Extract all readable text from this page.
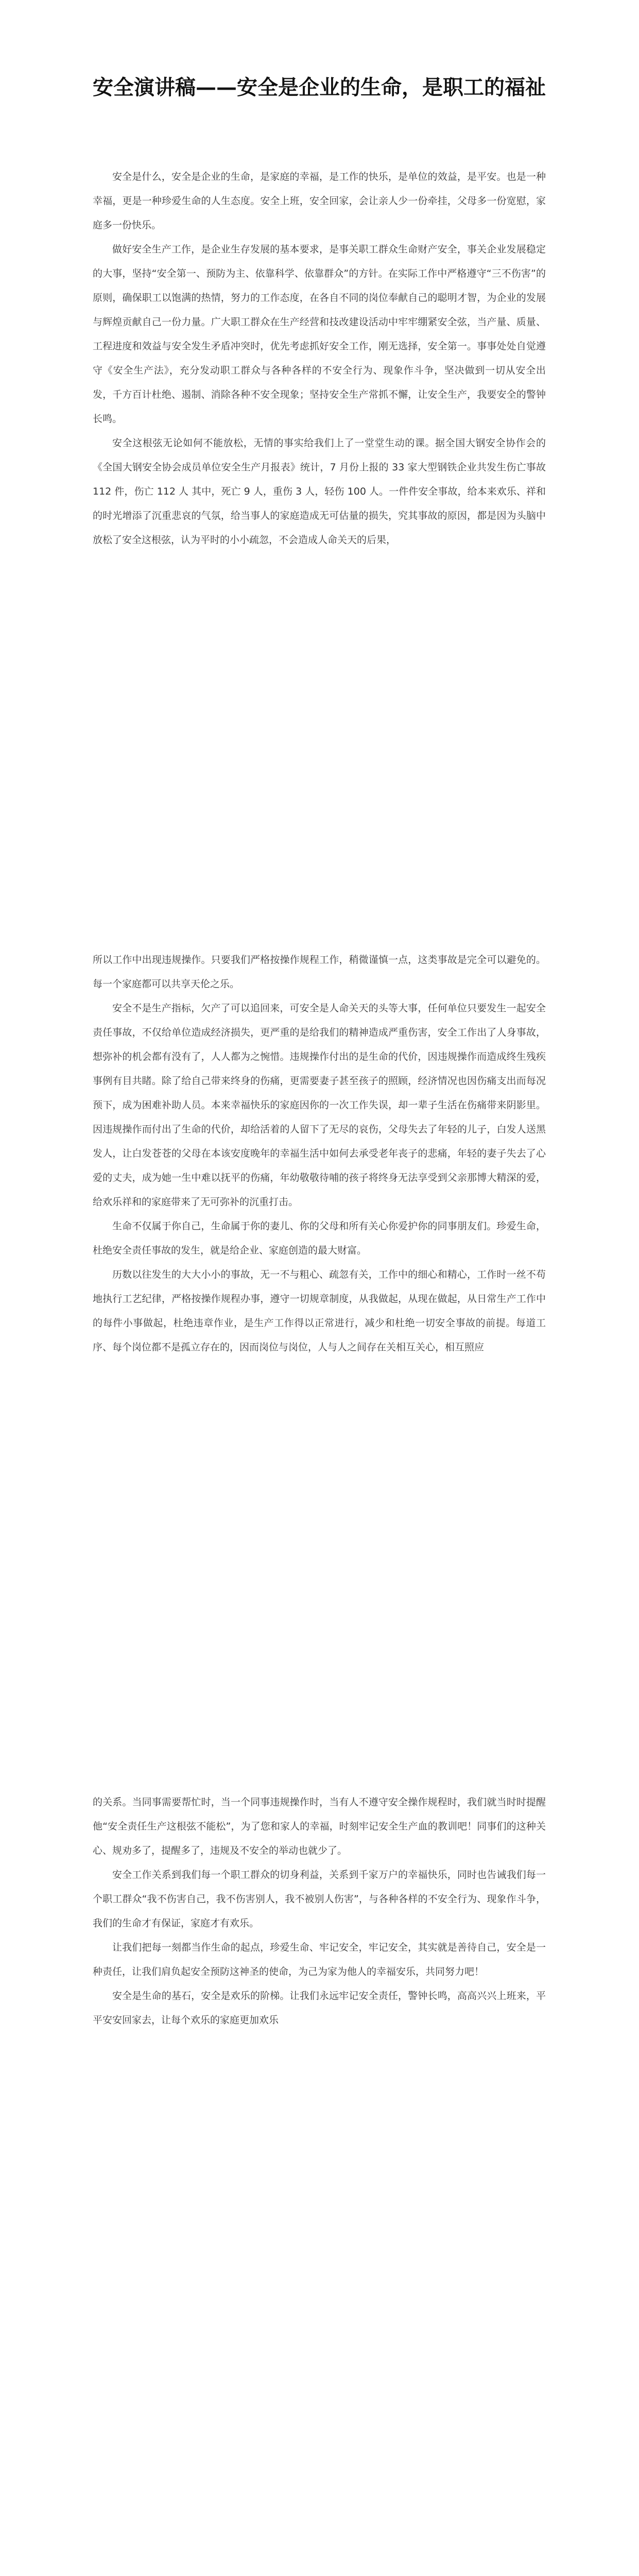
安全演讲稿——安全是企业的生命，是职工的福祉

安全是什么，安全是企业的生命，是家庭的幸福，是工作的快乐，是单位的效益，是平安。也是一种幸福，更是一种珍爱生命的人生态度。安全上班，安全回家，会让亲人少一份牵挂，父母多一份宽慰，家庭多一份快乐。

做好安全生产工作，是企业生存发展的基本要求，是事关职工群众生命财产安全，事关企业发展稳定的大事，坚持“安全第一、预防为主、依靠科学、依靠群众”的方针。在实际工作中严格遵守“三不伤害”的原则，确保职工以饱满的热情，努力的工作态度，在各自不同的岗位奉献自己的聪明才智，为企业的发展与辉煌贡献自己一份力量。广大职工群众在生产经营和技改建设活动中牢牢绷紧安全弦，当产量、质量、工程进度和效益与安全发生矛盾冲突时，优先考虑抓好安全工作，刚无选择，安全第一。事事处处自觉遵守《安全生产法》，充分发动职工群众与各种各样的不安全行为、现象作斗争，坚决做到一切从安全出发，千方百计杜绝、遏制、消除各种不安全现象；坚持安全生产常抓不懈，让安全生产，我要安全的警钟长鸣。

安全这根弦无论如何不能放松，无情的事实给我们上了一堂堂生动的课。据全国大钢安全协作会的《全国大钢安全协会成员单位安全生产月报表》统计，7 月份上报的 33 家大型钢铁企业共发生伤亡事故 112 件，伤亡 112 人 其中，死亡 9 人，重伤 3 人，轻伤 100 人。一件件安全事故，给本来欢乐、祥和的时光增添了沉重悲哀的气氛，给当事人的家庭造成无可估量的损失，究其事故的原因，都是因为头脑中放松了安全这根弦，认为平时的小小疏忽，不会造成人命关天的后果，

所以工作中出现违规操作。只要我们严格按操作规程工作，稍微谨慎一点，这类事故是完全可以避免的。每一个家庭都可以共享天伦之乐。

安全不是生产指标，欠产了可以追回来，可安全是人命关天的头等大事，任何单位只要发生一起安全责任事故，不仅给单位造成经济损失，更严重的是给我们的精神造成严重伤害，安全工作出了人身事故，想弥补的机会都有没有了，人人都为之惋惜。违规操作付出的是生命的代价，因违规操作而造成终生残疾事例有目共睹。除了给自己带来终身的伤痛，更需要妻子甚至孩子的照顾，经济情况也因伤痛支出而每况预下，成为困难补助人员。本来幸福快乐的家庭因你的一次工作失误，却一辈子生活在伤痛带来阴影里。因违规操作而付出了生命的代价，却给活着的人留下了无尽的哀伤，父母失去了年轻的儿子，白发人送黑发人，让白发苍苍的父母在本该安度晚年的幸福生活中如何去承受老年丧子的悲痛，年轻的妻子失去了心爱的丈夫，成为她一生中难以抚平的伤痛，年幼敬敬待哺的孩子将终身无法享受到父亲那博大精深的爱，给欢乐祥和的家庭带来了无可弥补的沉重打击。

生命不仅属于你自己，生命属于你的妻儿、你的父母和所有关心你爱护你的同事朋友们。珍爱生命，杜绝安全责任事故的发生，就是给企业、家庭创造的最大财富。

历数以往发生的大大小小的事故，无一不与粗心、疏忽有关，工作中的细心和精心，工作时一丝不苟地执行工艺纪律，严格按操作规程办事，遵守一切规章制度，从我做起，从现在做起，从日常生产工作中的每件小事做起，杜绝违章作业，是生产工作得以正常进行，减少和杜绝一切安全事故的前提。每道工序、每个岗位都不是孤立存在的，因而岗位与岗位，人与人之间存在关相互关心，相互照应

的关系。当同事需要帮忙时，当一个同事违规操作时，当有人不遵守安全操作规程时，我们就当时时提醒他“安全责任生产这根弦不能松”，为了您和家人的幸福，时刻牢记安全生产血的教训吧！同事们的这种关心、规劝多了，提醒多了，违规及不安全的举动也就少了。

安全工作关系到我们每一个职工群众的切身利益，关系到千家万户的幸福快乐，同时也告诫我们每一个职工群众“我不伤害自己，我不伤害别人，我不被别人伤害”，与各种各样的不安全行为、现象作斗争，我们的生命才有保证，家庭才有欢乐。

让我们把每一刻都当作生命的起点，珍爱生命、牢记安全，牢记安全，其实就是善待自己，安全是一种责任，让我们肩负起安全预防这神圣的使命，为己为家为他人的幸福安乐，共同努力吧！

安全是生命的基石，安全是欢乐的阶梯。让我们永远牢记安全责任，警钟长鸣，高高兴兴上班来，平平安安回家去，让每个欢乐的家庭更加欢乐
